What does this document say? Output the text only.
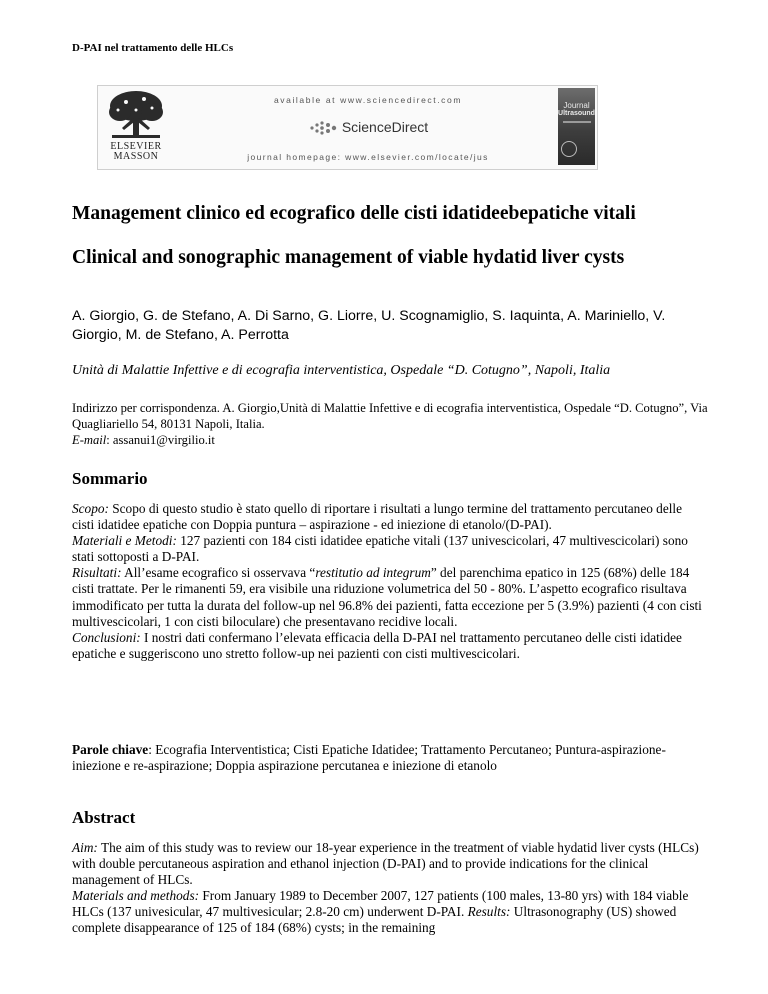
D-PAI nel trattamento delle HLCs
ELSEVIER MASSON
available at www.sciencedirect.com
ScienceDirect
journal homepage: www.elsevier.com/locate/jus
Journal
Ultrasound
Management clinico ed ecografico delle cisti idatideebepatiche vitali
Clinical and sonographic management of viable hydatid liver cysts
A. Giorgio, G. de Stefano, A. Di Sarno, G. Liorre, U. Scognamiglio, S. Iaquinta, A. Mariniello, V. Giorgio, M. de Stefano, A. Perrotta
Unità di Malattie Infettive e di ecografia interventistica, Ospedale “D. Cotugno”, Napoli, Italia
Indirizzo per corrispondenza. A. Giorgio,Unità di Malattie Infettive e di ecografia interventistica, Ospedale “D. Cotugno”, Via Quagliariello 54, 80131 Napoli, Italia.
E-mail: assanui1@virgilio.it
Sommario
Scopo: Scopo di questo studio è stato quello di riportare i risultati a lungo termine del trattamento percutaneo delle cisti idatidee epatiche con Doppia puntura – aspirazione - ed iniezione di etanolo/(D-PAI).
Materiali e Metodi: 127 pazienti con 184 cisti idatidee epatiche vitali (137 univescicolari, 47 multivescicolari) sono stati sottoposti a D-PAI.
Risultati: All’esame ecografico si osservava “restitutio ad integrum” del parenchima epatico in 125 (68%) delle 184 cisti trattate. Per le rimanenti 59, era visibile una riduzione volumetrica del 50 - 80%. L’aspetto ecografico risultava immodificato per tutta la durata del follow-up nel 96.8% dei pazienti, fatta eccezione per 5 (3.9%) pazienti (4 con cisti multivescicolari, 1 con cisti biloculare) che presentavano recidive locali.
Conclusioni: I nostri dati confermano l’elevata efficacia della D-PAI nel trattamento percutaneo delle cisti idatidee epatiche e suggeriscono uno stretto follow-up nei pazienti con cisti multivescicolari.
Parole chiave: Ecografia Interventistica; Cisti Epatiche Idatidee; Trattamento Percutaneo; Puntura-aspirazione-iniezione e re-aspirazione; Doppia aspirazione percutanea e iniezione di etanolo
Abstract
Aim: The aim of this study was to review our 18-year experience in the treatment of viable hydatid liver cysts (HLCs) with double percutaneous aspiration and ethanol injection (D-PAI) and to provide indications for the clinical management of HLCs.
Materials and methods: From January 1989 to December 2007, 127 patients (100 males, 13-80 yrs) with 184 viable HLCs (137 univesicular, 47 multivesicular; 2.8-20 cm) underwent D-PAI. Results: Ultrasonography (US) showed complete disappearance of 125 of 184 (68%) cysts; in the remaining
